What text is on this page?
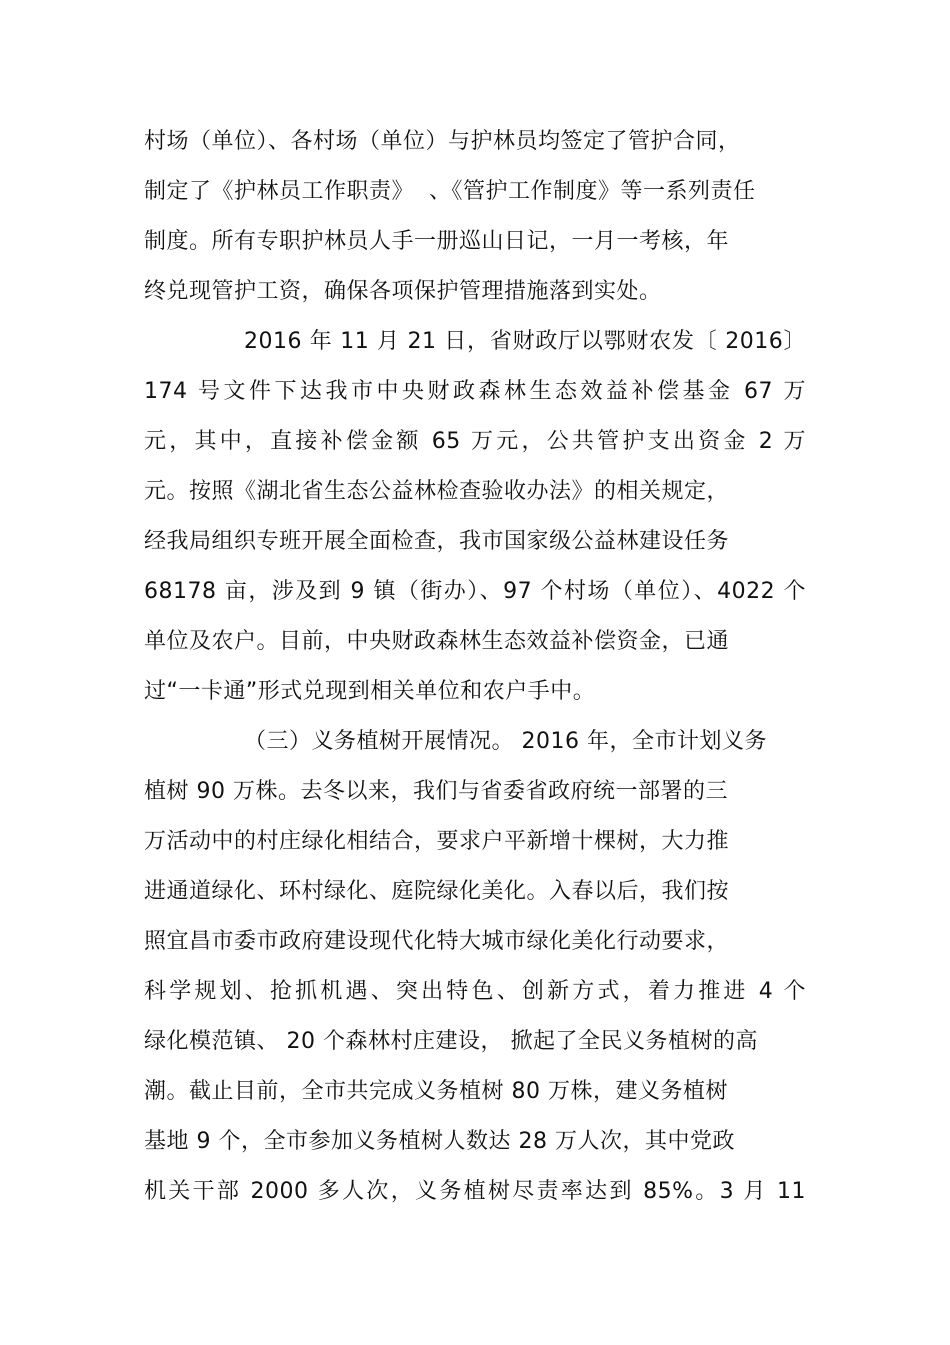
村场（单位）、各村场（单位）与护林员均签定了管护合同，
制定了《护林员工作职责》  、《管护工作制度》等一系列责任
制度。所有专职护林员人手一册巡山日记，一月一考核，年
终兑现管护工资，确保各项保护管理措施落到实处。
2016 年 11 月 21 日，省财政厅以鄂财农发〔 2016〕
174 号文件下达我市中央财政森林生态效益补偿基金 67 万
元，其中，直接补偿金额 65 万元，公共管护支出资金 2 万
元。按照《湖北省生态公益林检查验收办法》的相关规定，
经我局组织专班开展全面检查，我市国家级公益林建设任务
68178 亩，涉及到 9 镇（街办）、97 个村场（单位）、4022 个
单位及农户。目前，中央财政森林生态效益补偿资金，已通
过“一卡通”形式兑现到相关单位和农户手中。
（三）义务植树开展情况。 2016 年，全市计划义务
植树 90 万株。去冬以来，我们与省委省政府统一部署的三
万活动中的村庄绿化相结合，要求户平新增十棵树，大力推
进通道绿化、环村绿化、庭院绿化美化。入春以后，我们按
照宜昌市委市政府建设现代化特大城市绿化美化行动要求，
科学规划、抢抓机遇、突出特色、创新方式，着力推进 4 个
绿化模范镇、 20 个森林村庄建设， 掀起了全民义务植树的高
潮。截止目前，全市共完成义务植树 80 万株，建义务植树
基地 9 个，全市参加义务植树人数达 28 万人次，其中党政
机关干部 2000 多人次，义务植树尽责率达到 85%。3 月 11
